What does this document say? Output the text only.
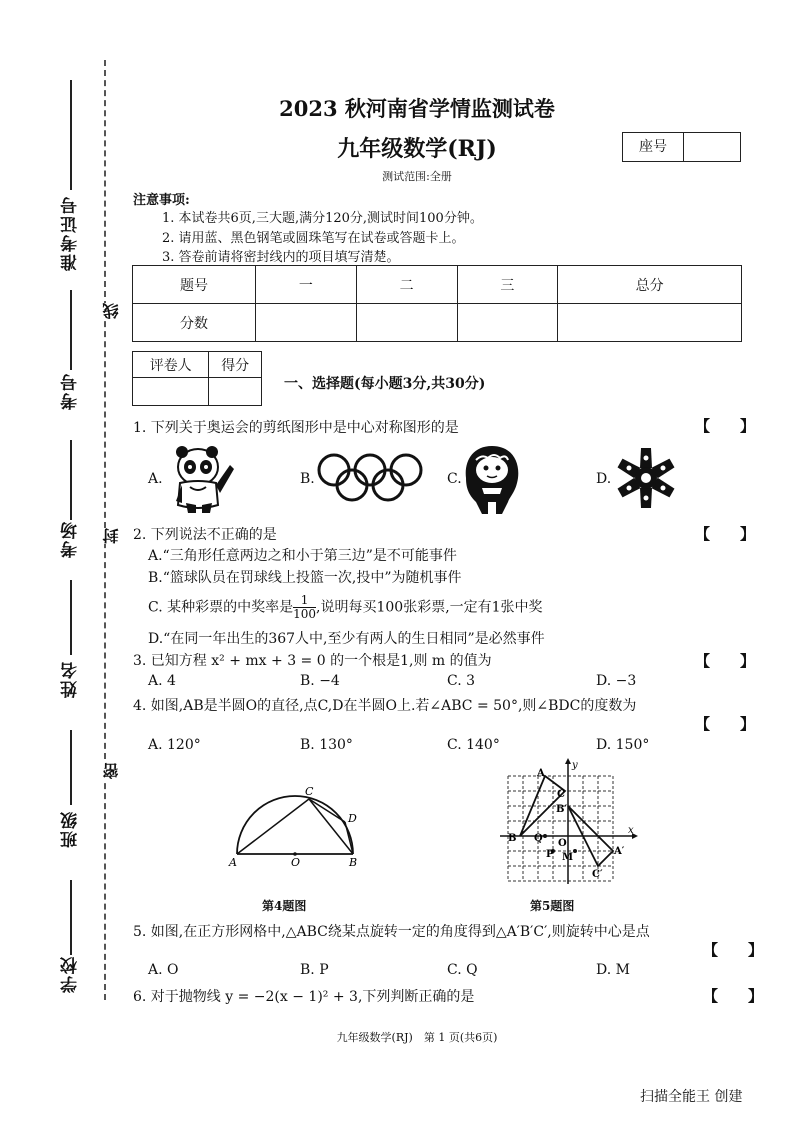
准考证号
考号
考场
姓名
班级
学校
线
封
密
2023 秋河南省学情监测试卷
九年级数学(RJ)
测试范围:全册
座号
注意事项:
1. 本试卷共6页,三大题,满分120分,测试时间100分钟。
2. 请用蓝、黑色钢笔或圆珠笔写在试卷或答题卡上。
3. 答卷前请将密封线内的项目填写清楚。
题号	一	二	三	总分
分数				
评卷人	得分

一、选择题(每小题3分,共30分)
1. 下列关于奥运会的剪纸图形中是中心对称图形的是	【　　】
A.	B.	C.	D.
2. 下列说法不正确的是	【　　】
A.“三角形任意两边之和小于第三边”是不可能事件
B.“篮球队员在罚球线上投篮一次,投中”为随机事件
C. 某种彩票的中奖率是 $\frac{1}{100}$ ,说明每买100张彩票,一定有1张中奖
D.“在同一年出生的367人中,至少有两人的生日相同”是必然事件
3. 已知方程 x² + mx + 3 = 0 的一个根是1,则 m 的值为	【　　】
A. 4	B. −4	C. 3	D. −3
4. 如图,AB是半圆O的直径,点C,D在半圆O上.若∠ABC = 50°,则∠BDC的度数为
【　　】
A. 120°	B. 130°	C. 140°	D. 150°
C
D
A	O	B
第4题图
A
C
B′
y
x
B Q O
P M
A′
C′
第5题图
5. 如图,在正方形网格中,△ABC绕某点旋转一定的角度得到△A′B′C′,则旋转中心是点
【　　】
A. O	B. P	C. Q	D. M
6. 对于抛物线 y = −2(x − 1)² + 3,下列判断正确的是	【　　】
九年级数学(RJ)　第 1 页(共6页)
扫描全能王 创建
